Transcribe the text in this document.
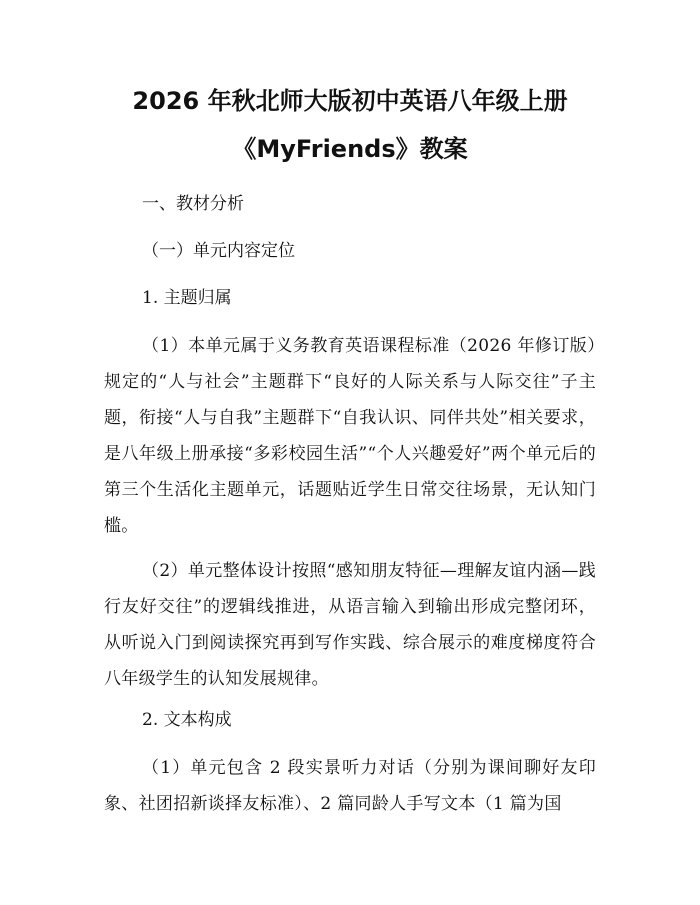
2026 年秋北师大版初中英语八年级上册
《MyFriends》教案
一、教材分析
（一）单元内容定位
1. 主题归属
（1）本单元属于义务教育英语课程标准（2026 年修订版）规定的“人与社会”主题群下“良好的人际关系与人际交往”子主题，衔接“人与自我”主题群下“自我认识、同伴共处”相关要求，是八年级上册承接“多彩校园生活”“个人兴趣爱好”两个单元后的第三个生活化主题单元，话题贴近学生日常交往场景，无认知门槛。
（2）单元整体设计按照“感知朋友特征—理解友谊内涵—践行友好交往”的逻辑线推进，从语言输入到输出形成完整闭环，从听说入门到阅读探究再到写作实践、综合展示的难度梯度符合八年级学生的认知发展规律。
2. 文本构成
（1）单元包含 2 段实景听力对话（分别为课间聊好友印象、社团招新谈择友标准）、2 篇同龄人手写文本（1 篇为国
